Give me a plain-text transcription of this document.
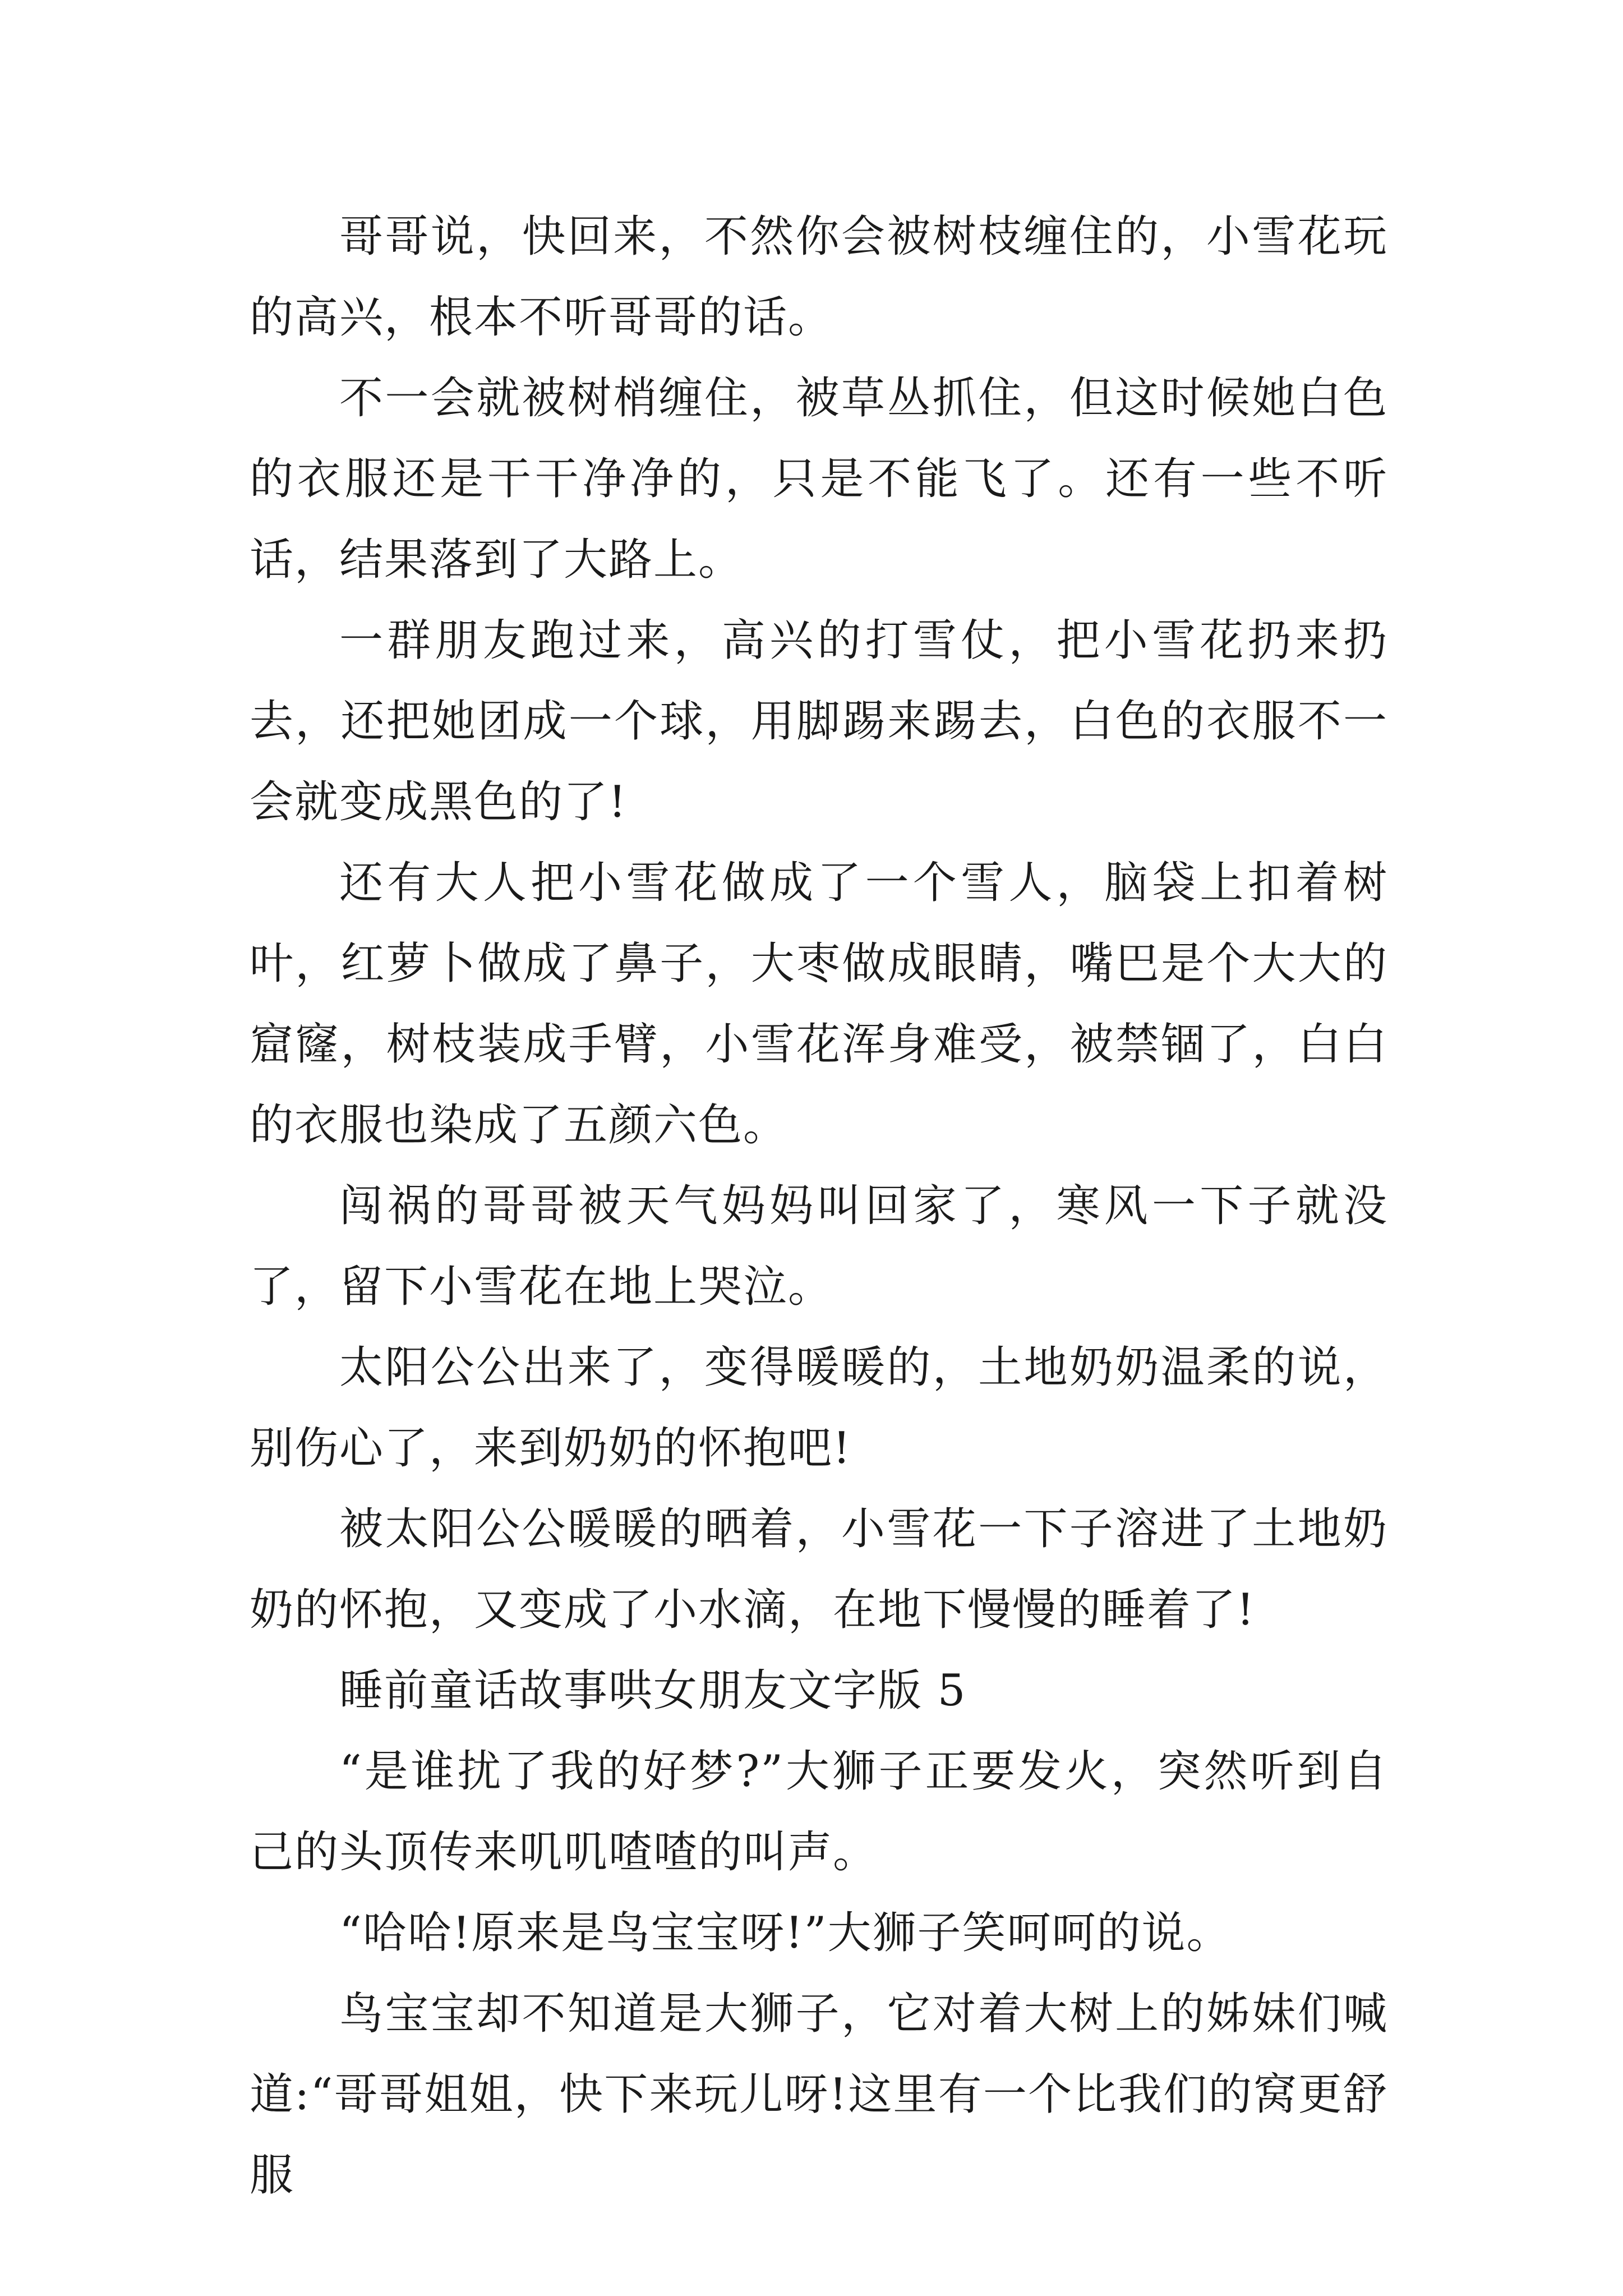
哥哥说，快回来，不然你会被树枝缠住的，小雪花玩的高兴，根本不听哥哥的话。

不一会就被树梢缠住，被草丛抓住，但这时候她白色的衣服还是干干净净的，只是不能飞了。还有一些不听话，结果落到了大路上。

一群朋友跑过来，高兴的打雪仗，把小雪花扔来扔去，还把她团成一个球，用脚踢来踢去，白色的衣服不一会就变成黑色的了!

还有大人把小雪花做成了一个雪人，脑袋上扣着树叶，红萝卜做成了鼻子，大枣做成眼睛，嘴巴是个大大的窟窿，树枝装成手臂，小雪花浑身难受，被禁锢了，白白的衣服也染成了五颜六色。

闯祸的哥哥被天气妈妈叫回家了，寒风一下子就没了，留下小雪花在地上哭泣。

太阳公公出来了，变得暖暖的，土地奶奶温柔的说，别伤心了，来到奶奶的怀抱吧!

被太阳公公暖暖的晒着，小雪花一下子溶进了土地奶奶的怀抱，又变成了小水滴，在地下慢慢的睡着了!

睡前童话故事哄女朋友文字版 5

“是谁扰了我的好梦?”大狮子正要发火，突然听到自己的头顶传来叽叽喳喳的叫声。

“哈哈!原来是鸟宝宝呀!”大狮子笑呵呵的说。

鸟宝宝却不知道是大狮子，它对着大树上的姊妹们喊道:“哥哥姐姐，快下来玩儿呀!这里有一个比我们的窝更舒服
